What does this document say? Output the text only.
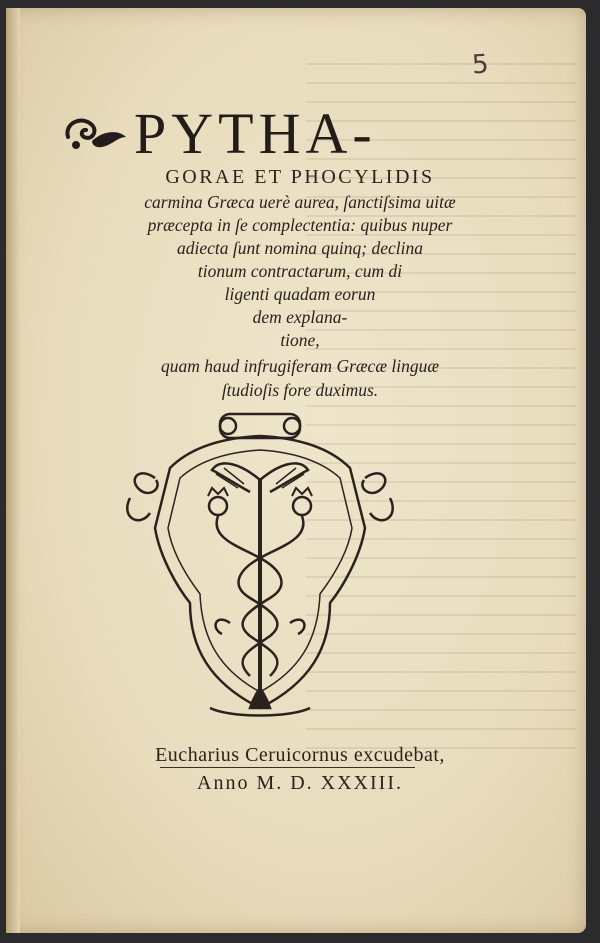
5
PYTHA-
GORAE ET PHOCYLIDIS
carmina Græca uerè aurea, ſanctiſsima uitæ
præcepta in ſe complectentia: quibus nuper
adiecta ſunt nomina quinq; declina
tionum contractarum, cum di
ligenti quadam eorun
dem explana-
tione,
quam haud infrugiferam Græcæ linguæ
ſtudioſis fore duximus.
Eucharius Ceruicornus excudebat,
Anno M. D. XXXIII.
